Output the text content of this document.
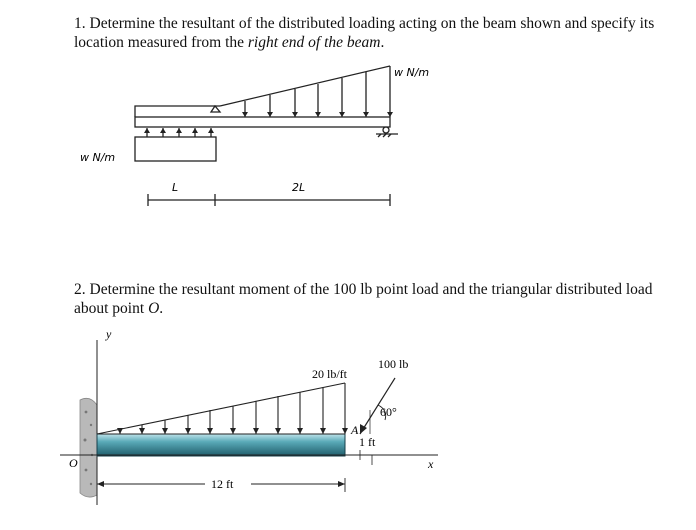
1. Determine the resultant of the distributed loading acting on the beam shown and specify its location measured from the right end of the beam.
w N/m
w N/m
L	2L
2. Determine the resultant moment of the 100 lb point load and the triangular distributed load about point O.
y
x
O
20 lb/ft
100 lb
60°
A
1 ft
12 ft
